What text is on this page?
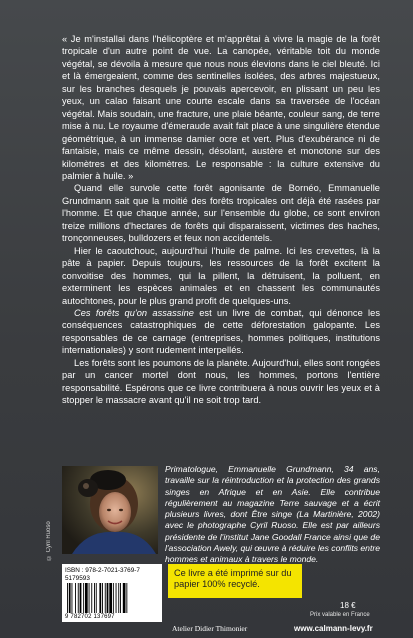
« Je m'installai dans l'hélicoptère et m'apprêtai à vivre la magie de la forêt tropicale d'un autre point de vue. La canopée, véritable toit du monde végétal, se dévoila à mesure que nous nous élevions dans le ciel bleuté. Ici et là émergeaient, comme des sentinelles isolées, des arbres majestueux, sur les branches desquels je pouvais apercevoir, en plissant un peu les yeux, un calao faisant une courte escale dans sa traversée de l'océan végétal. Mais soudain, une fracture, une plaie béante, couleur sang, de terre mise à nu. Le royaume d'émeraude avait fait place à une singulière étendue géométrique, à un immense damier ocre et vert. Plus d'exubérance ni de fantaisie, mais ce même dessin, désolant, austère et monotone sur des kilomètres et des kilomètres. Le responsable : la culture extensive du palmier à huile. »

Quand elle survole cette forêt agonisante de Bornéo, Emmanuelle Grundmann sait que la moitié des forêts tropicales ont déjà été rasées par l'homme. Et que chaque année, sur l'ensemble du globe, ce sont environ treize millions d'hectares de forêts qui disparaissent, victimes des haches, tronçonneuses, bulldozers et feux non accidentels.

Hier le caoutchouc, aujourd'hui l'huile de palme. Ici les crevettes, là la pâte à papier. Depuis toujours, les ressources de la forêt excitent la convoitise des hommes, qui la pillent, la détruisent, la polluent, en exterminent les espèces animales et en chassent les communautés autochtones, pour le plus grand profit de quelques-uns.

Ces forêts qu'on assassine est un livre de combat, qui dénonce les conséquences catastrophiques de cette déforestation galopante. Les responsables de ce carnage (entreprises, hommes politiques, institutions internationales) y sont rudement interpellés.

Les forêts sont les poumons de la planète. Aujourd'hui, elles sont rongées par un cancer mortel dont nous, les hommes, portons l'entière responsabilité. Espérons que ce livre contribuera à nous ouvrir les yeux et à stopper le massacre avant qu'il ne soit trop tard.

© Cyril Ruoso
Primatologue, Emmanuelle Grundmann, 34 ans, travaille sur la réintroduction et la protection des grands singes en Afrique et en Asie. Elle contribue régulièrement au magazine Terre sauvage et a écrit plusieurs livres, dont Être singe (La Martinière, 2002) avec le photographe Cyril Ruoso. Elle est par ailleurs présidente de l'institut Jane Goodall France ainsi que de l'association Awely, qui œuvre à réduire les conflits entre hommes et animaux à travers le monde.
ISBN : 978-2-7021-3769-7
5179593
9 782702 137697
Ce livre a été imprimé sur du papier 100% recyclé.
18 €
Prix valable en France
Atelier Didier Thimonier	www.calmann-levy.fr
